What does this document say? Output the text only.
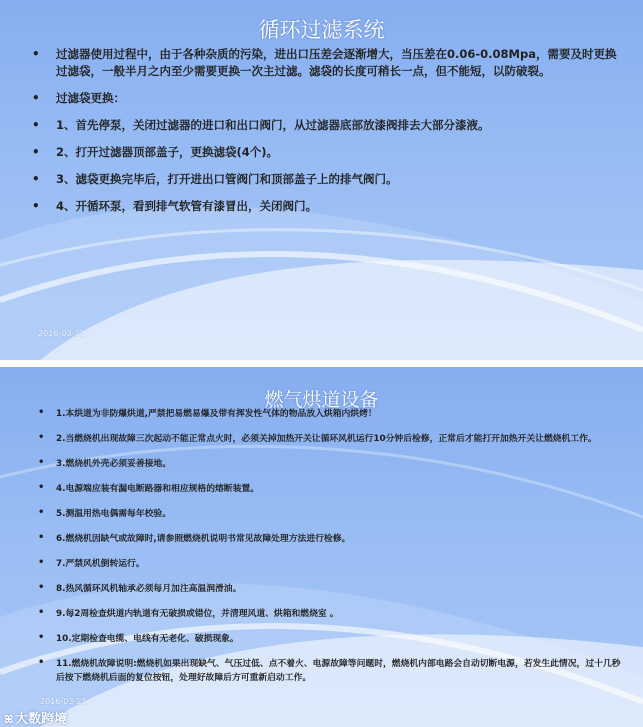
循环过滤系统
• 过滤器使用过程中，由于各种杂质的污染，进出口压差会逐渐增大，当压差在0.06-0.08Mpa，需要及时更换过滤袋，一般半月之内至少需要更换一次主过滤。滤袋的长度可稍长一点，但不能短，以防破裂。
• 过滤袋更换：
• 1、首先停泵，关闭过滤器的进口和出口阀门，从过滤器底部放漆阀排去大部分漆液。
• 2、打开过滤器顶部盖子，更换滤袋(4个)。
• 3、滤袋更换完毕后，打开进出口管阀门和顶部盖子上的排气阀门。
• 4、开循环泵，看到排气软管有漆冒出，关闭阀门。
2016-03-21
燃气烘道设备
• 1.本烘道为非防爆烘道,严禁把易燃易爆及带有挥发性气体的物品放入烘箱内烘烤！
• 2.当燃烧机出现故障三次起动不能正常点火时，必须关掉加热开关让循环风机运行10分钟后检修，正常后才能打开加热开关让燃烧机工作。
• 3.燃烧机外壳必须妥善接地。
• 4.电源端应装有漏电断路器和相应规格的熔断装置。
• 5.测温用热电偶需每年校验。
• 6.燃烧机因缺气或故障时,请参照燃烧机说明书常见故障处理方法进行检修。
• 7.严禁风机倒转运行。
• 8.热风循环风机轴承必须每月加注高温润滑油。
• 9.每2周检查烘道内轨道有无破损或错位，并清理风道、烘箱和燃烧室 。
• 10.定期检查电缆、电线有无老化、破损现象。
• 11.燃烧机故障说明:燃烧机如果出现缺气、气压过低、点不着火、电源故障等问题时，燃烧机内部电路会自动切断电源，若发生此情况，过十几秒后按下燃烧机后面的复位按钮，处理好故障后方可重新启动工作。
2016-03-21
ꕤ 大数跨境
